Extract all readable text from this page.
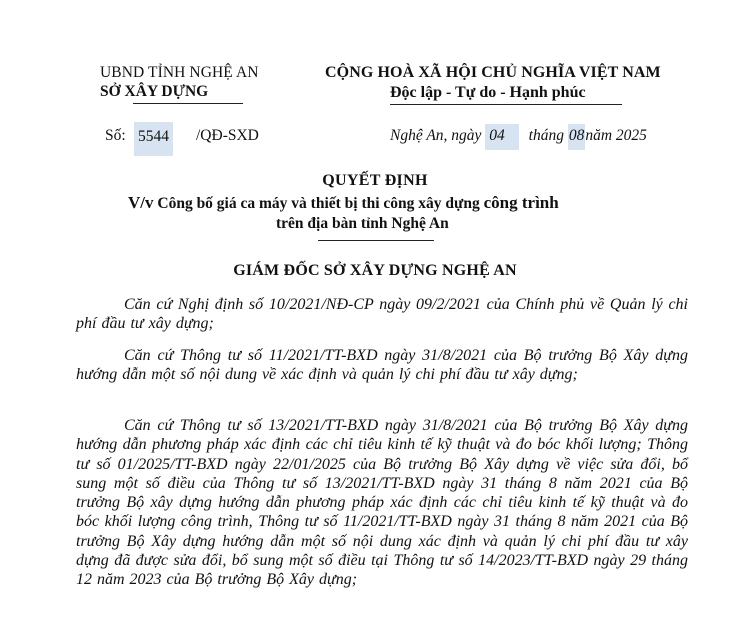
UBND TỈNH NGHỆ AN
SỞ XÂY DỰNG
CỘNG HOÀ XÃ HỘI CHỦ NGHĨA VIỆT NAM
Độc lập - Tự do - Hạnh phúc
Số: 5544 /QĐ-SXD	Nghệ An, ngày 04 tháng 08năm 2025
QUYẾT ĐỊNH
V/v Công bố giá ca máy và thiết bị thi công xây dựng công trình
trên địa bàn tỉnh Nghệ An
GIÁM ĐỐC SỞ XÂY DỰNG NGHỆ AN

Căn cứ Nghị định số 10/2021/NĐ-CP ngày 09/2/2021 của Chính phủ về Quản lý chi phí đầu tư xây dựng;

Căn cứ Thông tư số 11/2021/TT-BXD ngày 31/8/2021 của Bộ trưởng Bộ Xây dựng hướng dẫn một số nội dung về xác định và quản lý chi phí đầu tư xây dựng;

Căn cứ Thông tư số 13/2021/TT-BXD ngày 31/8/2021 của Bộ trưởng Bộ Xây dựng hướng dẫn phương pháp xác định các chỉ tiêu kinh tế kỹ thuật và đo bóc khối lượng; Thông tư số 01/2025/TT-BXD ngày 22/01/2025 của Bộ trưởng Bộ Xây dựng về việc sửa đổi, bổ sung một số điều của Thông tư số 13/2021/TT-BXD ngày 31 tháng 8 năm 2021 của Bộ trưởng Bộ xây dựng hướng dẫn phương pháp xác định các chỉ tiêu kinh tế kỹ thuật và đo bóc khối lượng công trình, Thông tư số 11/2021/TT-BXD ngày 31 tháng 8 năm 2021 của Bộ trưởng Bộ Xây dựng hướng dẫn một số nội dung xác định và quản lý chi phí đầu tư xây dựng đã được sửa đổi, bổ sung một số điều tại Thông tư số 14/2023/TT-BXD ngày 29 tháng 12 năm 2023 của Bộ trưởng Bộ Xây dựng;
